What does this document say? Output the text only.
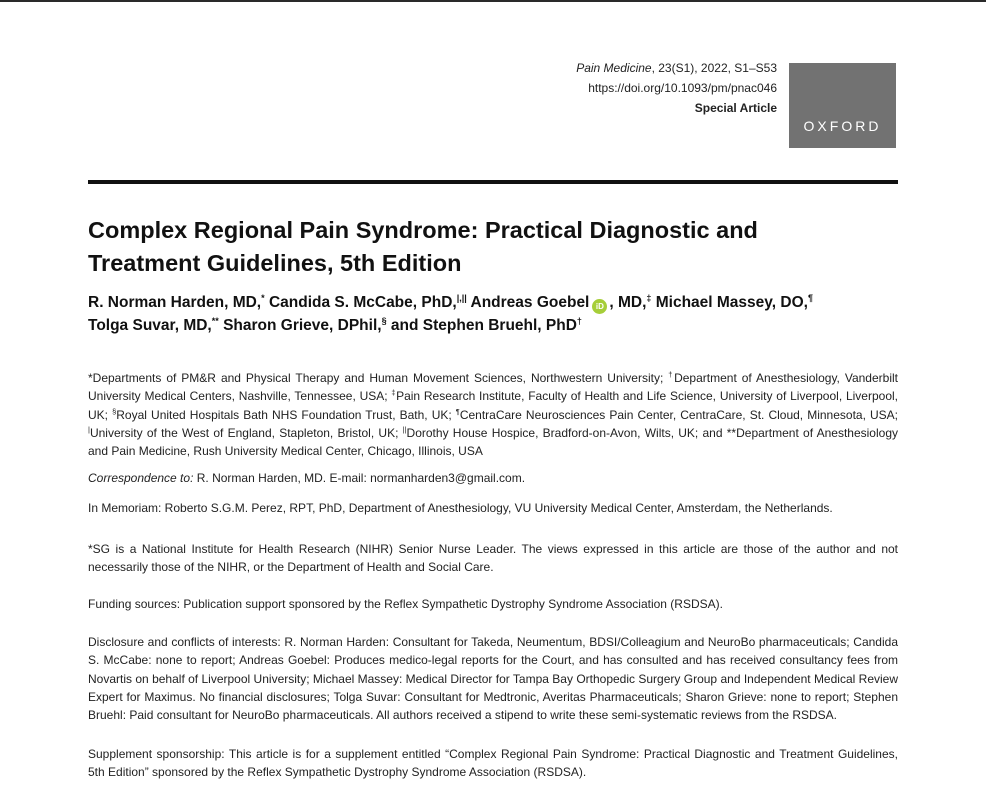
Pain Medicine, 23(S1), 2022, S1–S53
https://doi.org/10.1093/pm/pnac046
Special Article
OXFORD
Complex Regional Pain Syndrome: Practical Diagnostic and
Treatment Guidelines, 5th Edition
R. Norman Harden, MD,* Candida S. McCabe, PhD,|,|| Andreas Goebel iD , MD,‡ Michael Massey, DO,¶
Tolga Suvar, MD,** Sharon Grieve, DPhil,§ and Stephen Bruehl, PhD†
*Departments of PM&R and Physical Therapy and Human Movement Sciences, Northwestern University; †Department of Anesthesiology, Vanderbilt University Medical Centers, Nashville, Tennessee, USA; ‡Pain Research Institute, Faculty of Health and Life Science, University of Liverpool, Liverpool, UK; §Royal United Hospitals Bath NHS Foundation Trust, Bath, UK; ¶CentraCare Neurosciences Pain Center, CentraCare, St. Cloud, Minnesota, USA; |University of the West of England, Stapleton, Bristol, UK; ||Dorothy House Hospice, Bradford-on-Avon, Wilts, UK; and **Department of Anesthesiology and Pain Medicine, Rush University Medical Center, Chicago, Illinois, USA
Correspondence to: R. Norman Harden, MD. E-mail: normanharden3@gmail.com.
In Memoriam: Roberto S.G.M. Perez, RPT, PhD, Department of Anesthesiology, VU University Medical Center, Amsterdam, the Netherlands.
*SG is a National Institute for Health Research (NIHR) Senior Nurse Leader. The views expressed in this article are those of the author and not necessarily those of the NIHR, or the Department of Health and Social Care.
Funding sources: Publication support sponsored by the Reflex Sympathetic Dystrophy Syndrome Association (RSDSA).
Disclosure and conflicts of interests: R. Norman Harden: Consultant for Takeda, Neumentum, BDSI/Colleagium and NeuroBo pharmaceuticals; Candida S. McCabe: none to report; Andreas Goebel: Produces medico-legal reports for the Court, and has consulted and has received consultancy fees from Novartis on behalf of Liverpool University; Michael Massey: Medical Director for Tampa Bay Orthopedic Surgery Group and Independent Medical Review Expert for Maximus. No financial disclosures; Tolga Suvar: Consultant for Medtronic, Averitas Pharmaceuticals; Sharon Grieve: none to report; Stephen Bruehl: Paid consultant for NeuroBo pharmaceuticals. All authors received a stipend to write these semi-systematic reviews from the RSDSA.
Supplement sponsorship: This article is for a supplement entitled “Complex Regional Pain Syndrome: Practical Diagnostic and Treatment Guidelines, 5th Edition” sponsored by the Reflex Sympathetic Dystrophy Syndrome Association (RSDSA).
